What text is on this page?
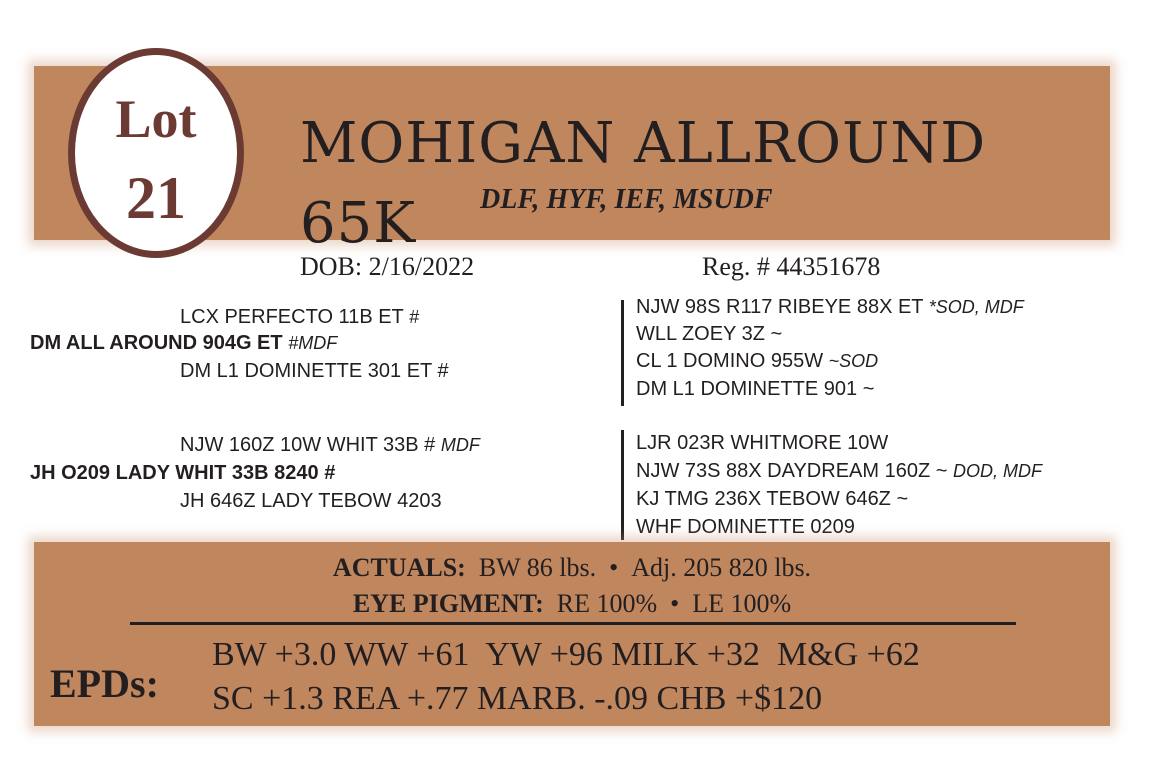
Lot
21
MOHIGAN ALLROUND 65K	DLF, HYF, IEF, MSUDF
DOB: 2/16/2022	Reg. # 44351678
LCX PERFECTO 11B ET #
DM ALL AROUND 904G ET #MDF
DM L1 DOMINETTE 301 ET #
NJW 98S R117 RIBEYE 88X ET *SOD, MDF
WLL ZOEY 3Z ~
CL 1 DOMINO 955W ~SOD
DM L1 DOMINETTE 901 ~
NJW 160Z 10W WHIT 33B # MDF
JH O209 LADY WHIT 33B 8240 #
JH 646Z LADY TEBOW 4203
LJR 023R WHITMORE 10W
NJW 73S 88X DAYDREAM 160Z ~ DOD, MDF
KJ TMG 236X TEBOW 646Z ~
WHF DOMINETTE 0209
ACTUALS: BW 86 lbs. • Adj. 205 820 lbs.
EYE PIGMENT: RE 100% • LE 100%
EPDs:
BW +3.0 WW +61  YW +96 MILK +32  M&G +62
SC +1.3 REA +.77 MARB. -.09 CHB +$120
